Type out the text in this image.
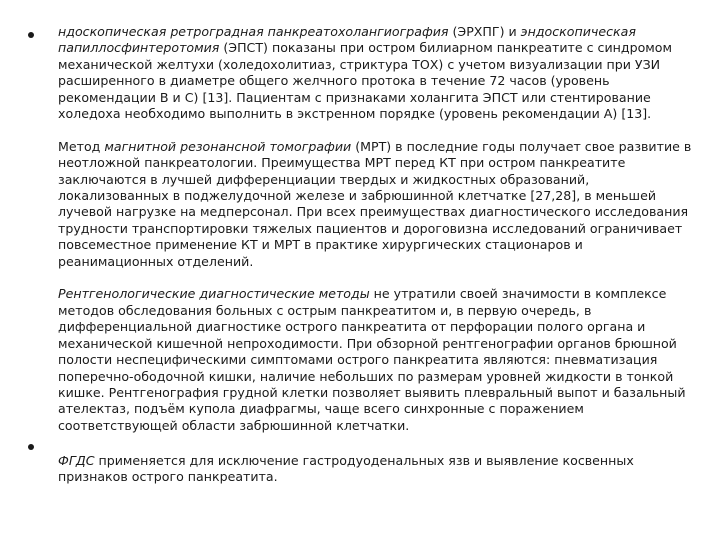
ндоскопическая ретроградная панкреатохолангиография (ЭРХПГ) и эндоскопическая папиллосфинтеротомия (ЭПСТ) показаны при остром билиарном панкреатите с синдромом механической желтухи (холедохолитиаз, стриктура ТОХ) с учетом визуализации при УЗИ расширенного в диаметре общего желчного протока в течение 72 часов (уровень рекомендации В и С) [13]. Пациентам с признаками холангита ЭПСТ или стентирование холедоха необходимо выполнить в экстренном порядке (уровень рекомендации А) [13].

Метод магнитной резонансной томографии (МРТ) в последние годы получает свое развитие в неотложной панкреатологии. Преимущества МРТ перед КТ при остром панкреатите заключаются в лучшей дифференциации твердых и жидкостных образований, локализованных в поджелудочной железе и забрюшинной клетчатке [27,28], в меньшей лучевой нагрузке на медперсонал. При всех преимуществах диагностического исследования трудности транспортировки тяжелых пациентов и дороговизна исследований ограничивает повсеместное применение КТ и МРТ в практике хирургических стационаров и реанимационных отделений.

Рентгенологические диагностические методы не утратили своей значимости в комплексе методов обследования больных с острым панкреатитом и, в первую очередь, в дифференциальной диагностике острого панкреатита от перфорации полого органа и механической кишечной непроходимости. При обзорной рентгенографии органов брюшной полости неспецифическими симптомами острого панкреатита являются: пневматизация поперечно-ободочной кишки, наличие небольших по размерам уровней жидкости в тонкой кишке. Рентгенография грудной клетки позволяет выявить плевральный выпот и базальный ателектаз, подъём купола диафрагмы, чаще всего синхронные с поражением соответствующей области забрюшинной клетчатки.

ФГДС применяется для исключение гастродуоденальных язв и выявление косвенных признаков острого панкреатита.
